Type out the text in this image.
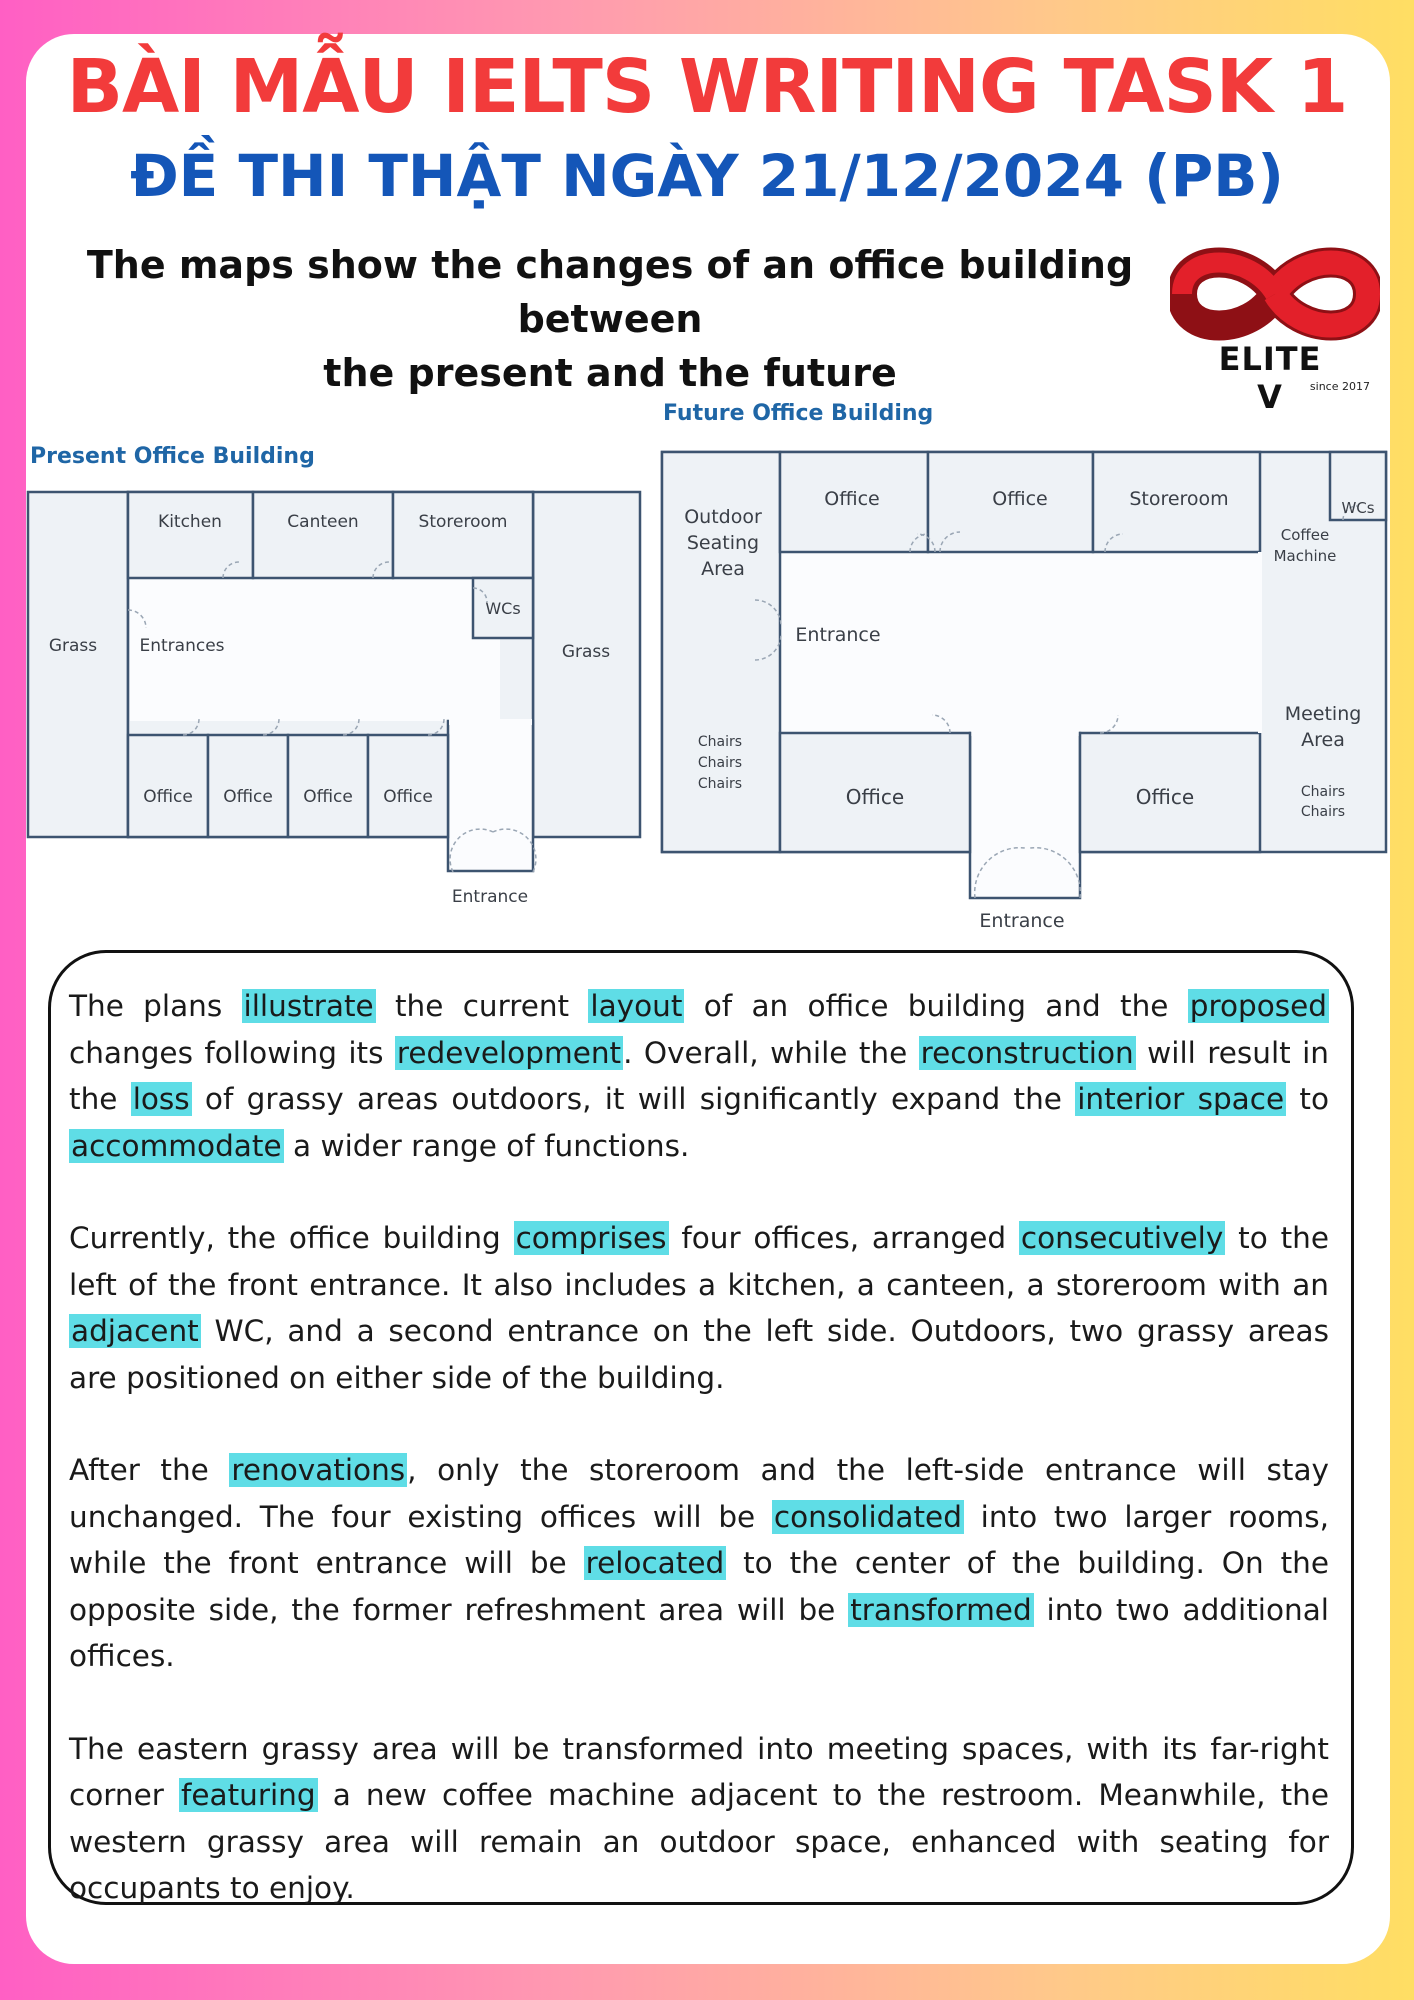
BÀI MẪU IELTS WRITING TASK 1
ĐỀ THI THẬT NGÀY 21/12/2024 (PB)
The maps show the changes of an office building between
the present and the future	ELITE V	since 2017
Present Office Building
Kitchen	Canteen	Storeroom
WCs
Grass	Grass
Entrances
Office Office Office Office
Entrance
Future Office Building
Outdoor
Seating
Area
Office	Office	Storeroom	WCs
Coffee
Machine
Entrance
Chairs
Chairs
Chairs
Office	Office
Meeting
Area
Chairs
Chairs
Entrance

The plans illustrate the current layout of an office building and the proposed changes following its redevelopment. Overall, while the reconstruction will result in the loss of grassy areas outdoors, it will significantly expand the interior space to accommodate a wider range of functions.

Currently, the office building comprises four offices, arranged consecutively to the left of the front entrance. It also includes a kitchen, a canteen, a storeroom with an adjacent WC, and a second entrance on the left side. Outdoors, two grassy areas are positioned on either side of the building.

After the renovations, only the storeroom and the left-side entrance will stay unchanged. The four existing offices will be consolidated into two larger rooms, while the front entrance will be relocated to the center of the building. On the opposite side, the former refreshment area will be transformed into two additional offices.

The eastern grassy area will be transformed into meeting spaces, with its far-right corner featuring a new coffee machine adjacent to the restroom. Meanwhile, the western grassy area will remain an outdoor space, enhanced with seating for occupants to enjoy.
